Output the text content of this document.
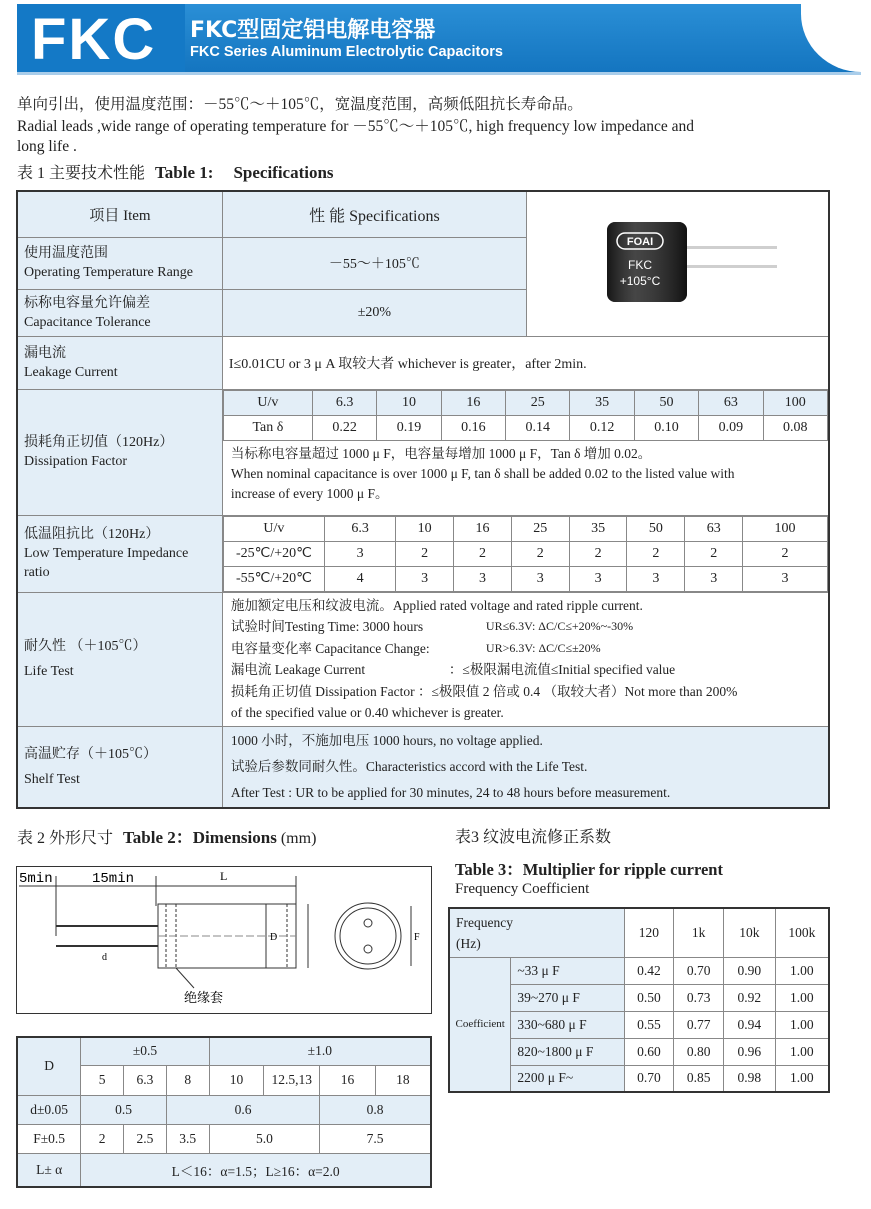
FKC FKC型固定铝电解电容器
FKC Series Aluminum Electrolytic Capacitors
单向引出，使用温度范围：－55℃～＋105℃，宽温度范围，高频低阻抗长寿命品。
Radial leads ,wide range of operating temperature for －55℃～＋105℃, high frequency low impedance and
long life .
表 1 主要技术性能 Table 1: Specifications
项目 Item	性 能 Specifications	
FOAI
FKC
+105°C

使用温度范围
Operating Temperature Range
	－55～＋105℃

标称电容量允许偏差
Capacitance Tolerance
	±20%

漏电流
Leakage Current
	I≤0.01CU or 3 μ A 取较大者 whichever is greater，after 2min.

损耗角正切值（120Hz）
Dissipation Factor

U/v	6.3	10	16	25	35	50	63	100
Tan δ	0.22	0.19	0.16	0.14	0.12	0.10	0.09	0.08
当标称电容量超过 1000 μ F，电容量每增加 1000 μ F，Tan δ 增加 0.02。
When nominal capacitance is over 1000 μ F, tan δ shall be added 0.02 to the listed value with
increase of every 1000 μ F。

低温阻抗比（120Hz）
Low Temperature Impedance
ratio

U/v	6.3	10	16	25	35	50	63	100
-25℃/+20℃	3	2	2	2	2	2	2	2
-55℃/+20℃	4	3	3	3	3	3	3	3

耐久性 （＋105℃）
Life Test

施加额定电压和纹波电流。Applied rated voltage and rated ripple current.
试验时间Testing Time: 3000 hours	UR≤6.3V: ΔC/C≤+20%~-30%
电容量变化率 Capacitance Change:	UR>6.3V: ΔC/C≤±20%
漏电流 Leakage Current	：≤极限漏电流值≤Initial specified value
损耗角正切值 Dissipation Factor ：≤极限值 2 倍或 0.4 （取较大者）Not more than 200%
of the specified value or 0.40 whichever is greater.

高温贮存（＋105℃）
Shelf Test

1000 小时，不施加电压 1000 hours, no voltage applied.
试验后参数同耐久性。Characteristics accord with the Life Test.
After Test : UR to be applied for 30 minutes, 24 to 48 hours before measurement.
表 2 外形尺寸 Table 2：Dimensions (mm)
5min	15min	L
D
d
F
绝缘套
D	±0.5			±1.0			
	5	6.3	8	10	12.5,13	16	18
d±0.05	0.5		0.6			0.8	
F±0.5	2	2.5	3.5	5.0		7.5	
L± α	L＜16：α=1.5；L≥16：α=2.0						
表3 纹波电流修正系数
Table 3：Multiplier for ripple current
Frequency Coefficient
Frequency
(Hz)		120	1k	10k	100k
Coefficient	~33 μ F	0.42	0.70	0.90	1.00
	39~270 μ F	0.50	0.73	0.92	1.00
	330~680 μ F	0.55	0.77	0.94	1.00
	820~1800 μ F	0.60	0.80	0.96	1.00
	2200 μ F~	0.70	0.85	0.98	1.00
